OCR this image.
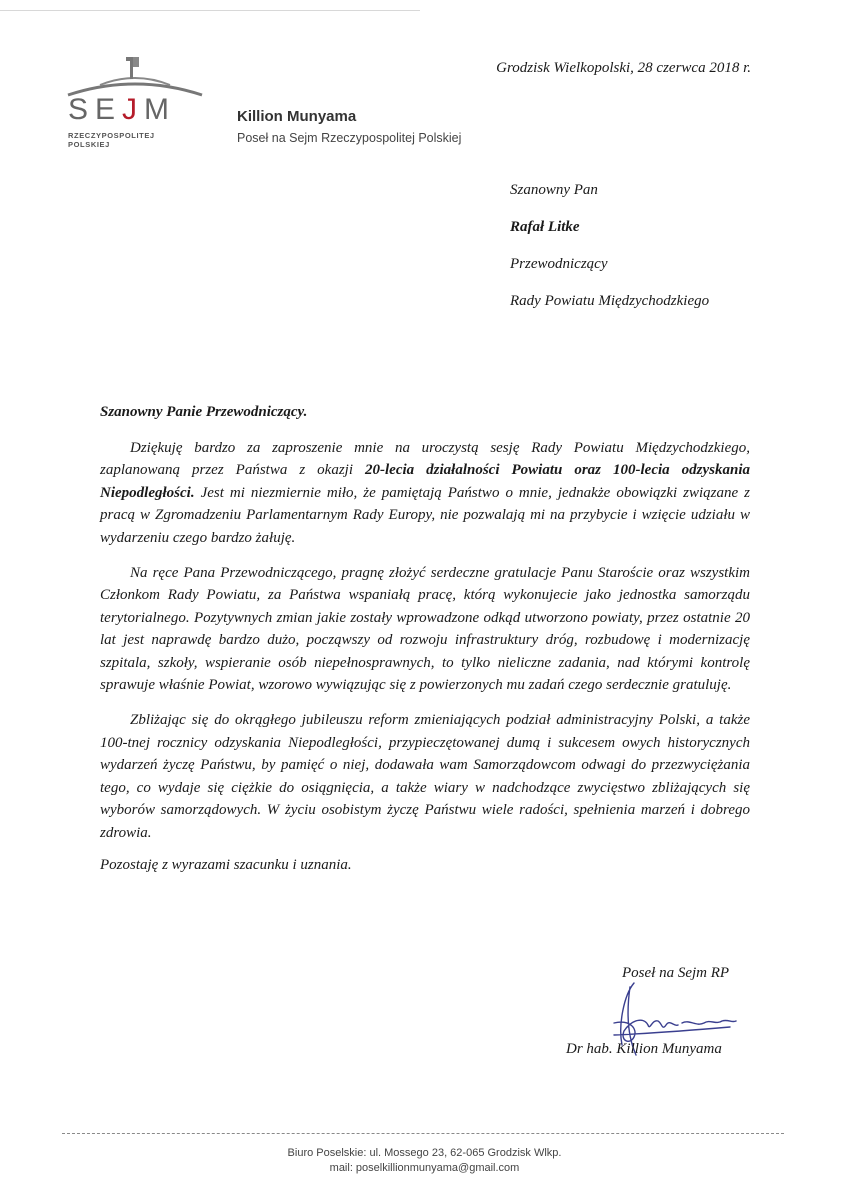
SEJM
RZECZYPOSPOLITEJ POLSKIEJ
Killion Munyama
Poseł na Sejm Rzeczypospolitej Polskiej
Grodzisk Wielkopolski, 28 czerwca 2018 r.
Szanowny Pan
Rafał Litke
Przewodniczący
Rady Powiatu Międzychodzkiego
Szanowny Panie Przewodniczący.

Dziękuję bardzo za zaproszenie mnie na uroczystą sesję Rady Powiatu Międzychodzkiego, zaplanowaną przez Państwa z okazji 20-lecia działalności Powiatu oraz 100-lecia odzyskania Niepodległości. Jest mi niezmiernie miło, że pamiętają Państwo o mnie, jednakże obowiązki związane z pracą w Zgromadzeniu Parlamentarnym Rady Europy, nie pozwalają mi na przybycie i wzięcie udziału w wydarzeniu czego bardzo żałuję.

Na ręce Pana Przewodniczącego, pragnę złożyć serdeczne gratulacje Panu Staroście oraz wszystkim Członkom Rady Powiatu, za Państwa wspaniałą pracę, którą wykonujecie jako jednostka samorządu terytorialnego. Pozytywnych zmian jakie zostały wprowadzone odkąd utworzono powiaty, przez ostatnie 20 lat jest naprawdę bardzo dużo, począwszy od rozwoju infrastruktury dróg, rozbudowę i modernizację szpitala, szkoły, wspieranie osób niepełnosprawnych, to tylko nieliczne zadania, nad którymi kontrolę sprawuje właśnie Powiat, wzorowo wywiązując się z powierzonych mu zadań czego serdecznie gratuluję.

Zbliżając się do okrągłego jubileuszu reform zmieniających podział administracyjny Polski, a także 100-tnej rocznicy odzyskania Niepodległości, przypieczętowanej dumą i sukcesem owych historycznych wydarzeń życzę Państwu, by pamięć o niej, dodawała wam Samorządowcom odwagi do przezwyciężania tego, co wydaje się ciężkie do osiągnięcia, a także wiary w nadchodzące zwycięstwo zbliżających się wyborów samorządowych. W życiu osobistym życzę Państwu wiele radości, spełnienia marzeń i dobrego zdrowia.

Pozostaję z wyrazami szacunku i uznania.
Poseł na Sejm RP
Dr hab. Killion Munyama
Biuro Poselskie: ul. Mossego 23, 62-065 Grodzisk Wlkp.
mail: poselkillionmunyama@gmail.com
